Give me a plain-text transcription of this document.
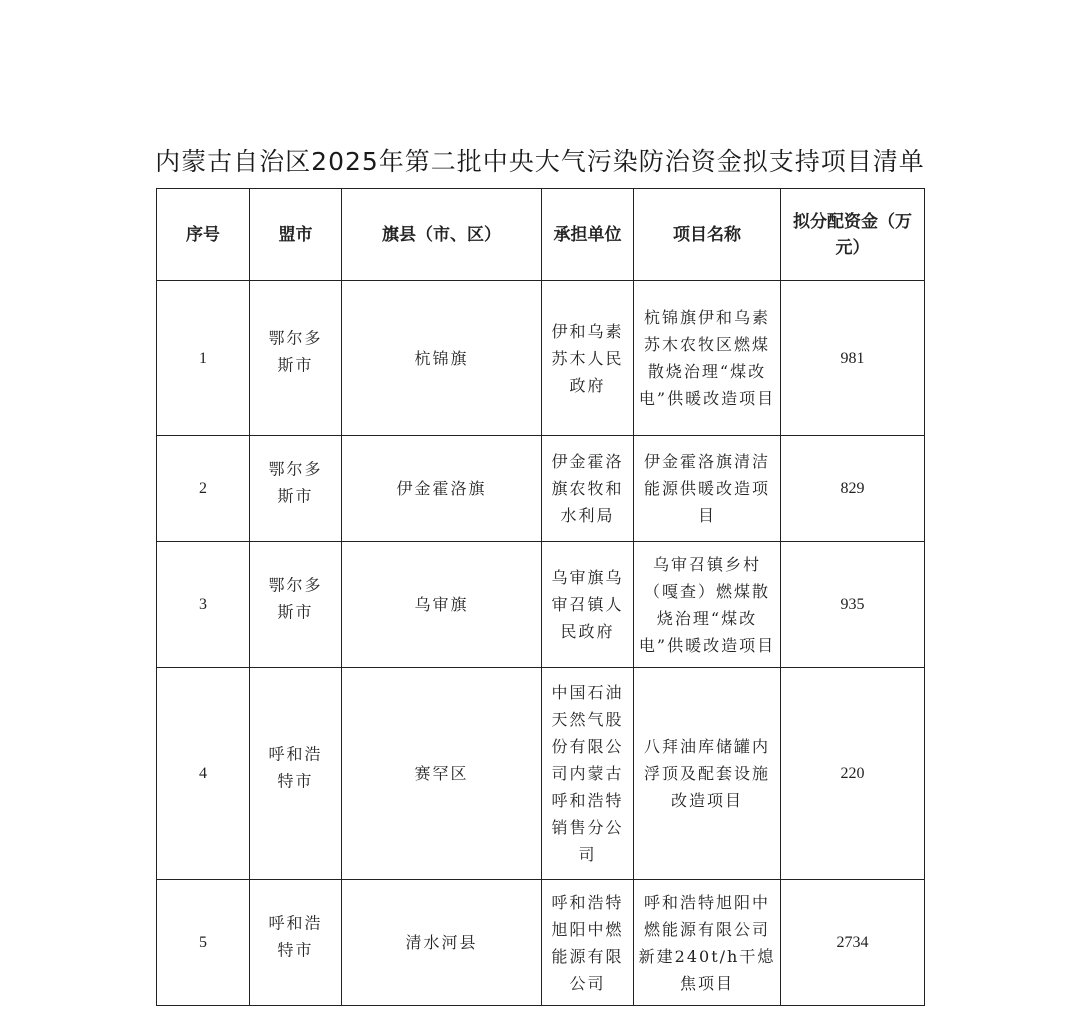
内蒙古自治区2025年第二批中央大气污染防治资金拟支持项目清单
序号	盟市	旗县（市、区）	承担单位	项目名称	拟分配资金（万元）

1	鄂尔多斯市	杭锦旗	伊和乌素苏木人民政府	杭锦旗伊和乌素苏木农牧区燃煤散烧治理“煤改电”供暖改造项目	981
2	鄂尔多斯市	伊金霍洛旗	伊金霍洛旗农牧和水利局	伊金霍洛旗清洁能源供暖改造项目	829
3	鄂尔多斯市	乌审旗	乌审旗乌审召镇人民政府	乌审召镇乡村（嘎查）燃煤散烧治理“煤改电”供暖改造项目	935
4	呼和浩特市	赛罕区	中国石油天然气股份有限公司内蒙古呼和浩特销售分公司	八拜油库储罐内浮顶及配套设施改造项目	220
5	呼和浩特市	清水河县	呼和浩特旭阳中燃能源有限公司	呼和浩特旭阳中燃能源有限公司新建240t/h干熄焦项目	2734
